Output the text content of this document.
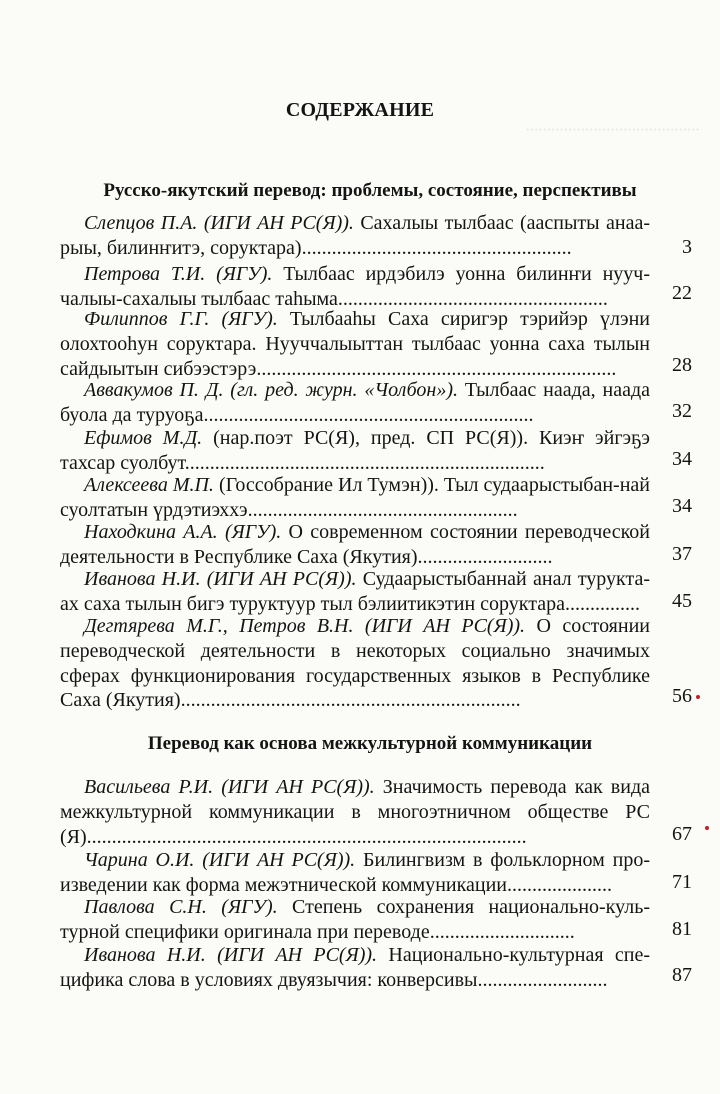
·········································

СОДЕРЖАНИЕ
Русско-якутский перевод: проблемы, состояние, перспективы
Слепцов П.А. (ИГИ АН РС(Я)). Сахалыы тылбаас (ааспыты анаа-рыы, билинҥитэ, соруктара)......................................................	3
Петрова Т.И. (ЯГУ). Тылбаас ирдэбилэ уонна билинҥи нууч-чалыы-сахалыы тылбаас таһыма......................................................	22
Филиппов Г.Г. (ЯГУ). Тылбааһы Саха сиригэр тэрийэр үлэни олохтооһун соруктара. Нууччалыыттан тылбаас уонна саха тылын сайдыытын сибээстэрэ........................................................................	28
Аввакумов П. Д. (гл. ред. журн. «Чолбон»). Тылбаас наада, наада буола да туруоҕа..................................................................	32
Ефимов М.Д. (нар.поэт РС(Я), пред. СП РС(Я)). Киэҥ эйгэҕэ тахсар суолбут........................................................................	34
Алексеева М.П. (Госсобрание Ил Тумэн)). Тыл судаарыстыбан-най суолтатын үрдэтиэххэ......................................................	34
Находкина А.А. (ЯГУ). О современном состоянии переводческой деятельности в Республике Саха (Якутия)...........................	37
Иванова Н.И. (ИГИ АН РС(Я)). Судаарыстыбаннай анал турукта-ах саха тылын бигэ туруктуур тыл бэлиитикэтин соруктара...............	45
Дегтярева М.Г., Петров В.Н. (ИГИ АН РС(Я)). О состоянии переводческой деятельности в некоторых социально значимых сферах функционирования государственных языков в Республике Саха (Якутия)....................................................................	56
Перевод как основа межкультурной коммуникации
Васильева Р.И. (ИГИ АН РС(Я)). Значимость перевода как вида межкультурной коммуникации в многоэтничном обществе РС (Я)........................................................................................	67
Чарина О.И. (ИГИ АН РС(Я)). Билингвизм в фольклорном про-изведении как форма межэтнической коммуникации.....................	71
Павлова С.Н. (ЯГУ). Степень сохранения национально-куль-турной специфики оригинала при переводе.............................	81
Иванова Н.И. (ИГИ АН РС(Я)). Национально-культурная спе-цифика слова в условиях двуязычия: конверсивы..........................	87
